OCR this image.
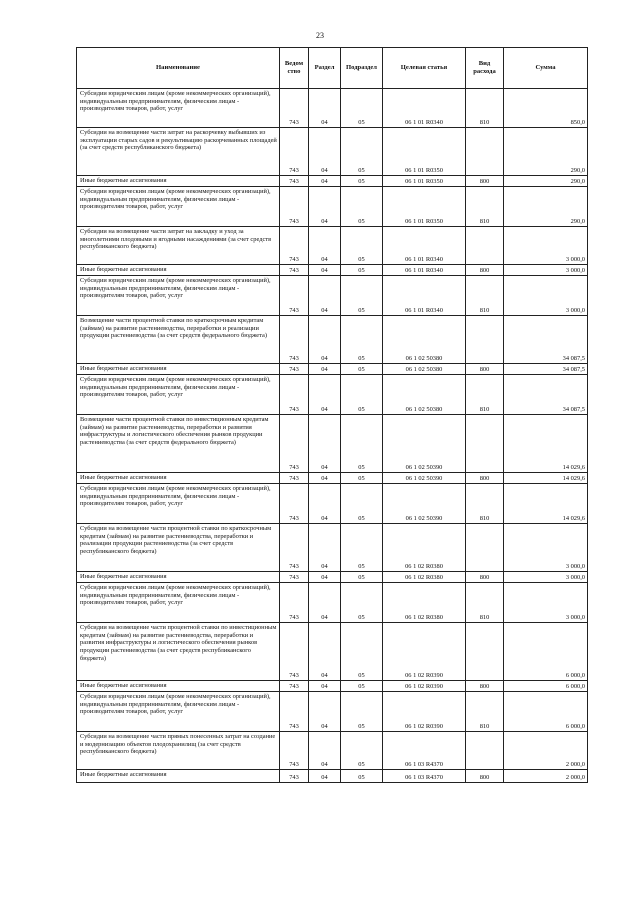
23
Наименование	Ведом ство	Раздел	Подраздел	Целевая статья	Вид расхода	Сумма
Субсидии юридическим лицам (кроме некоммерческих организаций), индивидуальным предпринимателям, физическим лицам - производителям товаров, работ, услуг	743	04	05	06 1 01 R0340	810	850,0
Субсидии на возмещение части затрат на раскорчевку выбывших из эксплуатации старых садов и рекультивацию раскорчеванных площадей (за счет средств республиканского бюджета)	743	04	05	06 1 01 R0350		290,0
Иные бюджетные ассигнования	743	04	05	06 1 01 R0350	800	290,0
Субсидии юридическим лицам (кроме некоммерческих организаций), индивидуальным предпринимателям, физическим лицам - производителям товаров, работ, услуг	743	04	05	06 1 01 R0350	810	290,0
Субсидии на возмещение части затрат на закладку и уход за многолетними плодовыми и ягодными насаждениями (за счет средств республиканского бюджета)	743	04	05	06 1 01 R0340		3 000,0
Иные бюджетные ассигнования	743	04	05	06 1 01 R0340	800	3 000,0
Субсидии юридическим лицам (кроме некоммерческих организаций), индивидуальным предпринимателям, физическим лицам - производителям товаров, работ, услуг	743	04	05	06 1 01 R0340	810	3 000,0
Возмещение части процентной ставки по краткосрочным кредитам (займам) на развитие растениеводства, переработки и реализации продукции растениеводства (за счет средств федерального бюджета)	743	04	05	06 1 02 50380		34 087,5
Иные бюджетные ассигнования	743	04	05	06 1 02 50380	800	34 087,5
Субсидии юридическим лицам (кроме некоммерческих организаций), индивидуальным предпринимателям, физическим лицам - производителям товаров, работ, услуг	743	04	05	06 1 02 50380	810	34 087,5
Возмещение части процентной ставки по инвестиционным кредитам (займам) на развитие растениеводства, переработки и развития инфраструктуры и логистического обеспечения рынков продукции растениеводства (за счет средств федерального бюджета)	743	04	05	06 1 02 50390		14 029,6
Иные бюджетные ассигнования	743	04	05	06 1 02 50390	800	14 029,6
Субсидии юридическим лицам (кроме некоммерческих организаций), индивидуальным предпринимателям, физическим лицам - производителям товаров, работ, услуг	743	04	05	06 1 02 50390	810	14 029,6
Субсидии на возмещение части процентной ставки по краткосрочным кредитам (займам) на развитие растениеводства, переработки и реализации продукции растениеводства (за счет средств республиканского бюджета)	743	04	05	06 1 02 R0380		3 000,0
Иные бюджетные ассигнования	743	04	05	06 1 02 R0380	800	3 000,0
Субсидии юридическим лицам (кроме некоммерческих организаций), индивидуальным предпринимателям, физическим лицам - производителям товаров, работ, услуг	743	04	05	06 1 02 R0380	810	3 000,0
Субсидии на возмещение части процентной ставки по инвестиционным кредитам (займам) на развитие растениеводства, переработки и развития инфраструктуры и логистического обеспечения рынков продукции растениеводства (за счет средств республиканского бюджета)	743	04	05	06 1 02 R0390		6 000,0
Иные бюджетные ассигнования	743	04	05	06 1 02 R0390	800	6 000,0
Субсидии юридическим лицам (кроме некоммерческих организаций), индивидуальным предпринимателям, физическим лицам - производителям товаров, работ, услуг	743	04	05	06 1 02 R0390	810	6 000,0
Субсидии на возмещение части прямых понесенных затрат на создание и модернизацию объектов плодохранилищ (за счет средств республиканского бюджета)	743	04	05	06 1 03 R4370		2 000,0
Иные бюджетные ассигнования	743	04	05	06 1 03 R4370	800	2 000,0
